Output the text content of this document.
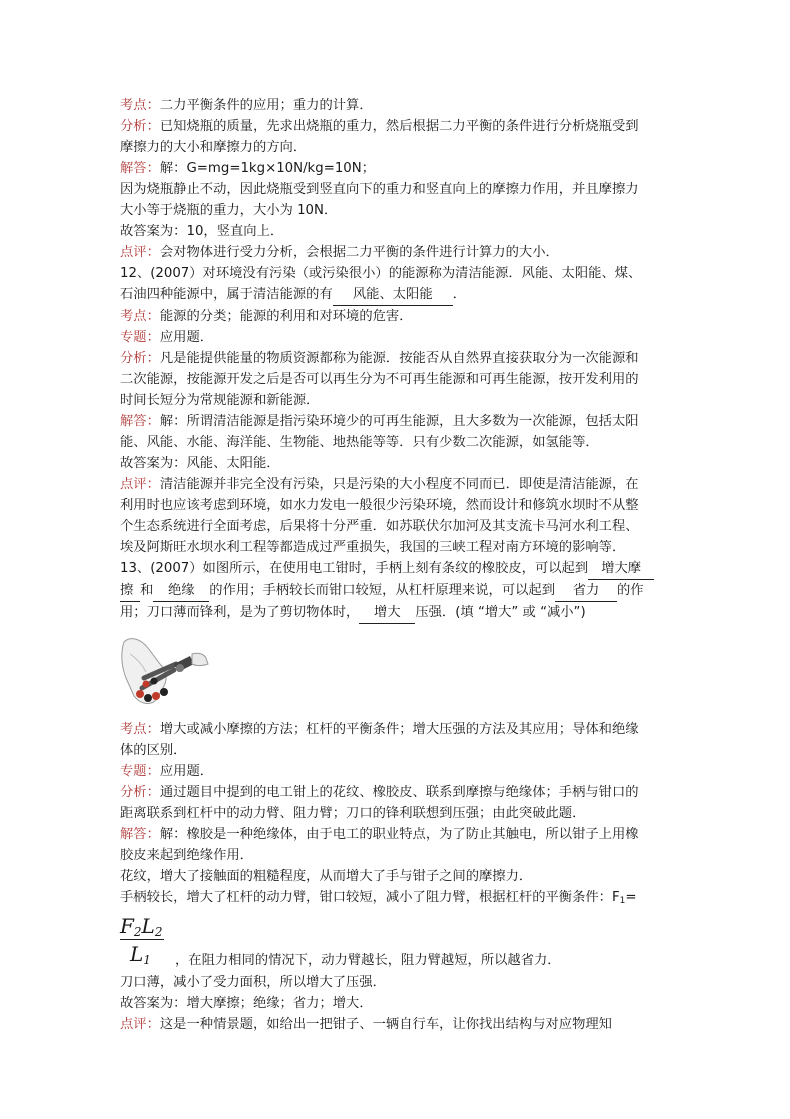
考点：二力平衡条件的应用；重力的计算．
分析：已知烧瓶的质量，先求出烧瓶的重力，然后根据二力平衡的条件进行分析烧瓶受到
摩擦力的大小和摩擦力的方向．
解答：解：G=mg=1kg×10N/kg=10N；
因为烧瓶静止不动，因此烧瓶受到竖直向下的重力和竖直向上的摩擦力作用，并且摩擦力
大小等于烧瓶的重力，大小为 10N．
故答案为：10，竖直向上．
点评：会对物体进行受力分析，会根据二力平衡的条件进行计算力的大小．
12、(2007）对环境没有污染（或污染很小）的能源称为清洁能源．风能、太阳能、煤、
石油四种能源中，属于清洁能源的有 风能、太阳能 ．
考点：能源的分类；能源的利用和对环境的危害．
专题：应用题．
分析：凡是能提供能量的物质资源都称为能源．按能否从自然界直接获取分为一次能源和
二次能源，按能源开发之后是否可以再生分为不可再生能源和可再生能源，按开发利用的
时间长短分为常规能源和新能源．
解答：解：所谓清洁能源是指污染环境少的可再生能源，且大多数为一次能源，包括太阳
能、风能、水能、海洋能、生物能、地热能等等．只有少数二次能源，如氢能等．
故答案为：风能、太阳能．
点评：清洁能源并非完全没有污染，只是污染的大小程度不同而已．即使是清洁能源，在
利用时也应该考虑到环境，如水力发电一般很少污染环境，然而设计和修筑水坝时不从整
个生态系统进行全面考虑，后果将十分严重．如苏联伏尔加河及其支流卡马河水利工程、
埃及阿斯旺水坝水利工程等都造成过严重损失，我国的三峡工程对南方环境的影响等．
13、(2007）如图所示，在使用电工钳时，手柄上刻有条纹的橡胶皮，可以起到 增大摩
擦 和 绝缘 的作用；手柄较长而钳口较短，从杠杆原理来说，可以起到 省力 的作
用；刀口薄而锋利，是为了剪切物体时， 增大 压强．(填 “增大” 或 “减小”)
考点：增大或减小摩擦的方法；杠杆的平衡条件；增大压强的方法及其应用；导体和绝缘
体的区别．
专题：应用题．
分析：通过题目中提到的电工钳上的花纹、橡胶皮、联系到摩擦与绝缘体；手柄与钳口的
距离联系到杠杆中的动力臂、阻力臂；刀口的锋利联想到压强；由此突破此题．
解答：解：橡胶是一种绝缘体，由于电工的职业特点，为了防止其触电，所以钳子上用橡
胶皮来起到绝缘作用．
花纹，增大了接触面的粗糙程度，从而增大了手与钳子之间的摩擦力．
手柄较长，增大了杠杆的动力臂，钳口较短，减小了阻力臂，根据杠杆的平衡条件：$F_1=$
F2L2
L1 ，在阻力相同的情况下，动力臂越长，阻力臂越短，所以越省力．
刀口薄，减小了受力面积，所以增大了压强．
故答案为：增大摩擦；绝缘；省力；增大．
点评：这是一种情景题，如给出一把钳子、一辆自行车，让你找出结构与对应物理知
